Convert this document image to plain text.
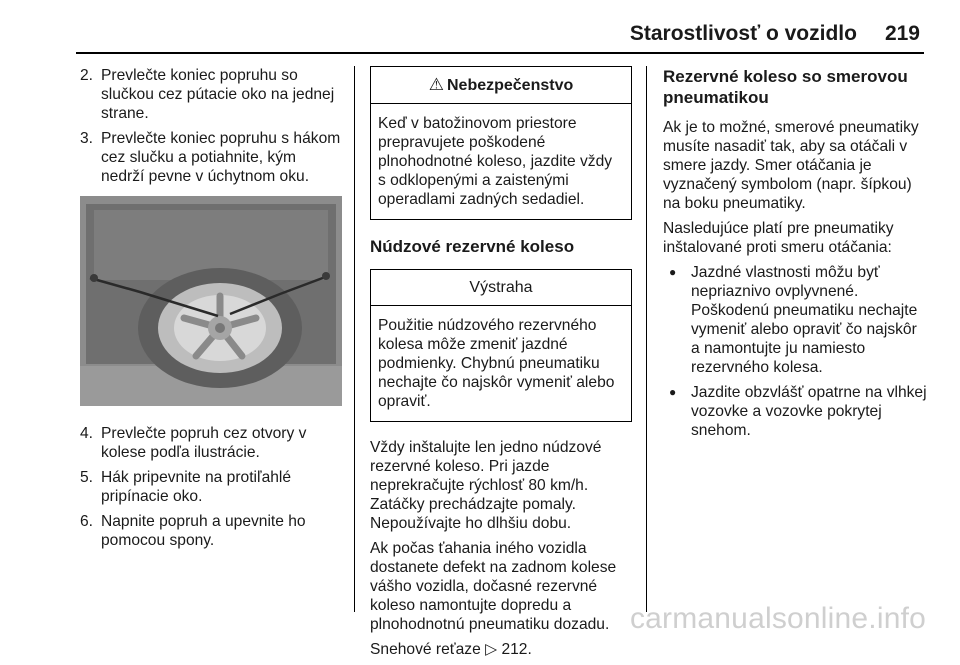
Starostlivosť o vozidlo 219
2. Prevlečte koniec popruhu so slučkou cez pútacie oko na jednej strane.
3. Prevlečte koniec popruhu s hákom cez slučku a potiahnite, kým nedrží pevne v úchytnom oku.
4. Prevlečte popruh cez otvory v kolese podľa ilustrácie.
5. Hák pripevnite na protiľahlé pripínacie oko.
6. Napnite popruh a upevnite ho pomocou spony.
⚠ Nebezpečenstvo
Keď v batožinovom priestore prepravujete poškodené plnohodnotné koleso, jazdite vždy s odklopenými a zaistenými operadlami zadných sedadiel.
Núdzové rezervné koleso
Výstraha
Použitie núdzového rezervného kolesa môže zmeniť jazdné podmienky. Chybnú pneumatiku nechajte čo najskôr vymeniť alebo opraviť.
Vždy inštalujte len jedno núdzové rezervné koleso. Pri jazde neprekračujte rýchlosť 80 km/h. Zatáčky prechádzajte pomaly. Nepoužívajte ho dlhšiu dobu.
Ak počas ťahania iného vozidla dostanete defekt na zadnom kolese vášho vozidla, dočasné rezervné koleso namontujte dopredu a plnohodnotnú pneumatiku dozadu.
Snehové reťaze ▷ 212.
Rezervné koleso so smerovou pneumatikou
Ak je to možné, smerové pneumatiky musíte nasadiť tak, aby sa otáčali v smere jazdy. Smer otáčania je vyznačený symbolom (napr. šípkou) na boku pneumatiky.
Nasledujúce platí pre pneumatiky inštalované proti smeru otáčania:
● Jazdné vlastnosti môžu byť nepriaznivo ovplyvnené. Poškodenú pneumatiku nechajte vymeniť alebo opraviť čo najskôr a namontujte ju namiesto rezervného kolesa.
● Jazdite obzvlášť opatrne na vlhkej vozovke a vozovke pokrytej snehom.
carmanualsonline.info
